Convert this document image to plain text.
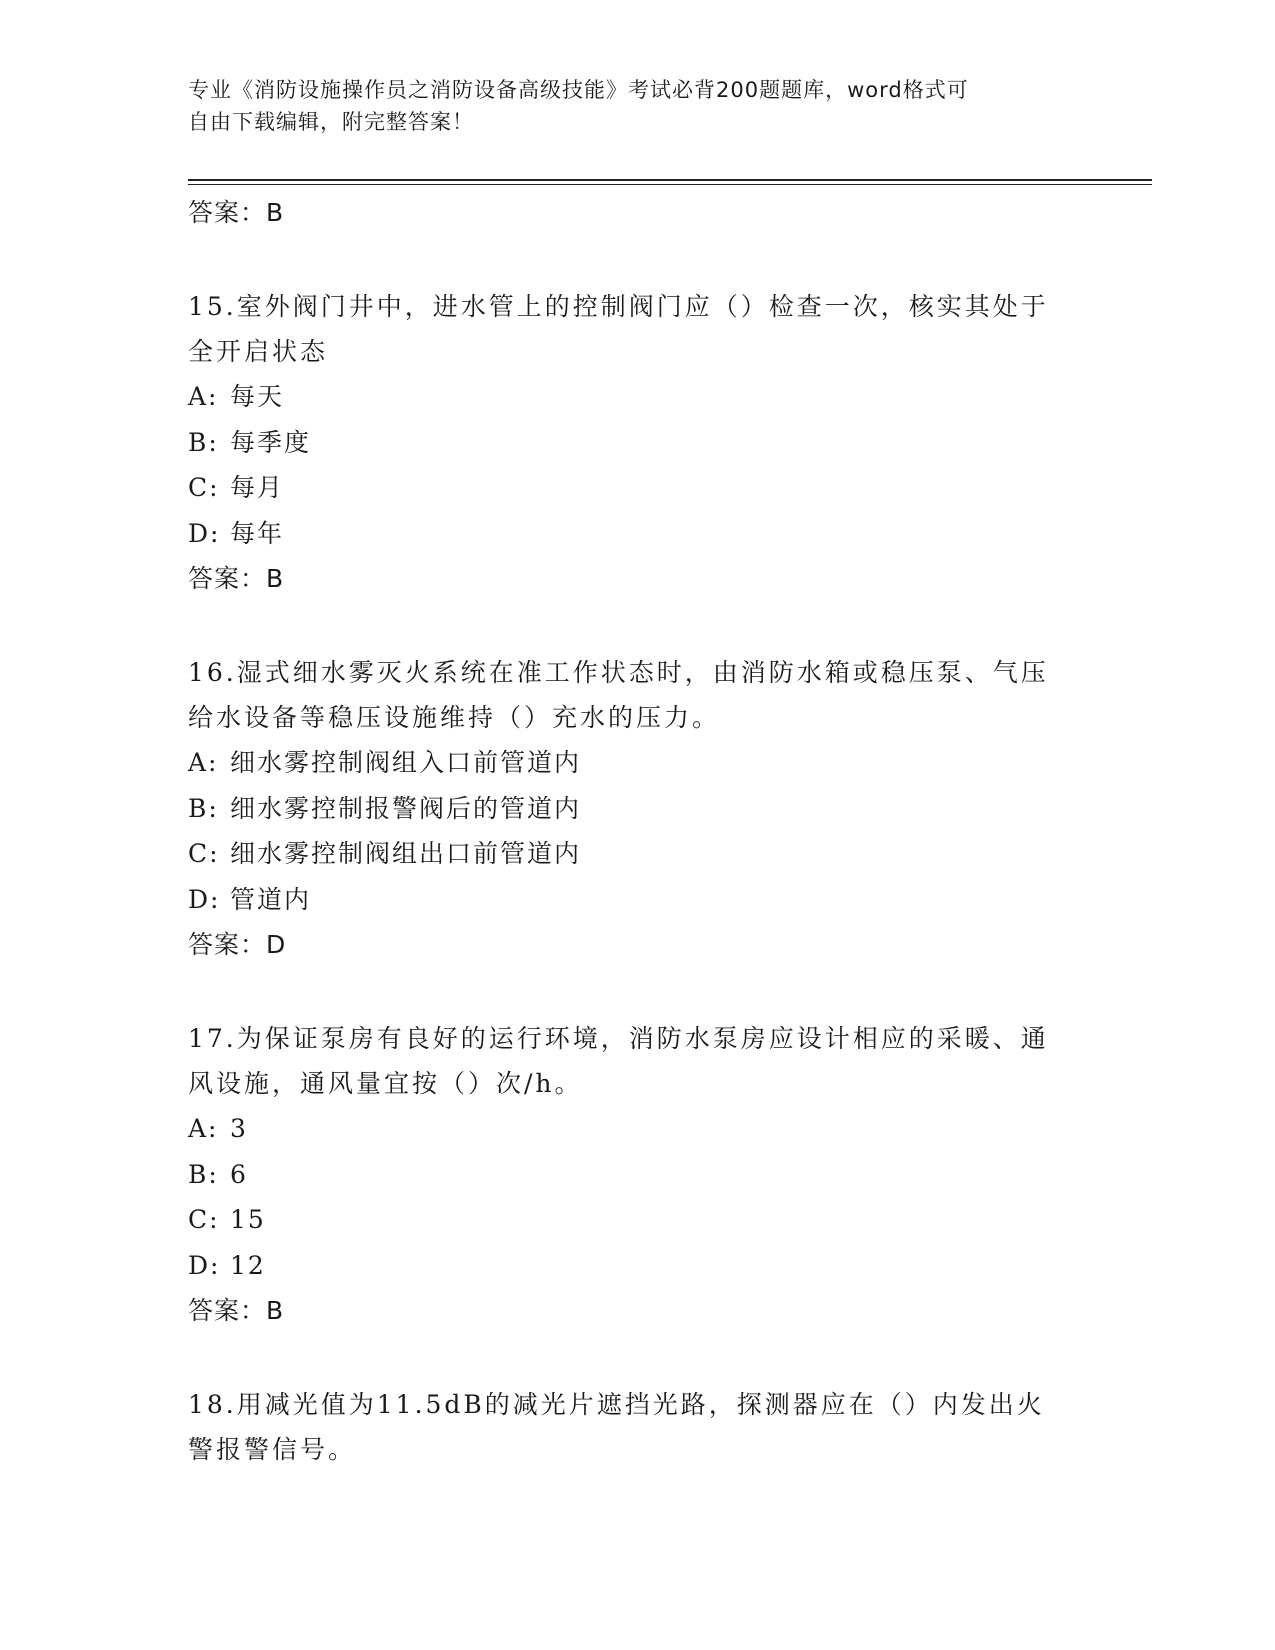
专业《消防设施操作员之消防设备高级技能》考试必背200题题库，word格式可
自由下载编辑，附完整答案！
答案：B
15.室外阀门井中，进水管上的控制阀门应（）检查一次，核实其处于
全开启状态
A: 每天
B: 每季度
C: 每月
D: 每年
答案：B
16.湿式细水雾灭火系统在准工作状态时，由消防水箱或稳压泵、气压
给水设备等稳压设施维持（）充水的压力。
A: 细水雾控制阀组入口前管道内
B: 细水雾控制报警阀后的管道内
C: 细水雾控制阀组出口前管道内
D: 管道内
答案：D
17.为保证泵房有良好的运行环境，消防水泵房应设计相应的采暖、通
风设施，通风量宜按（）次/h。
A: 3
B: 6
C: 15
D: 12
答案：B
18.用减光值为11.5dB的减光片遮挡光路，探测器应在（）内发出火
警报警信号。
